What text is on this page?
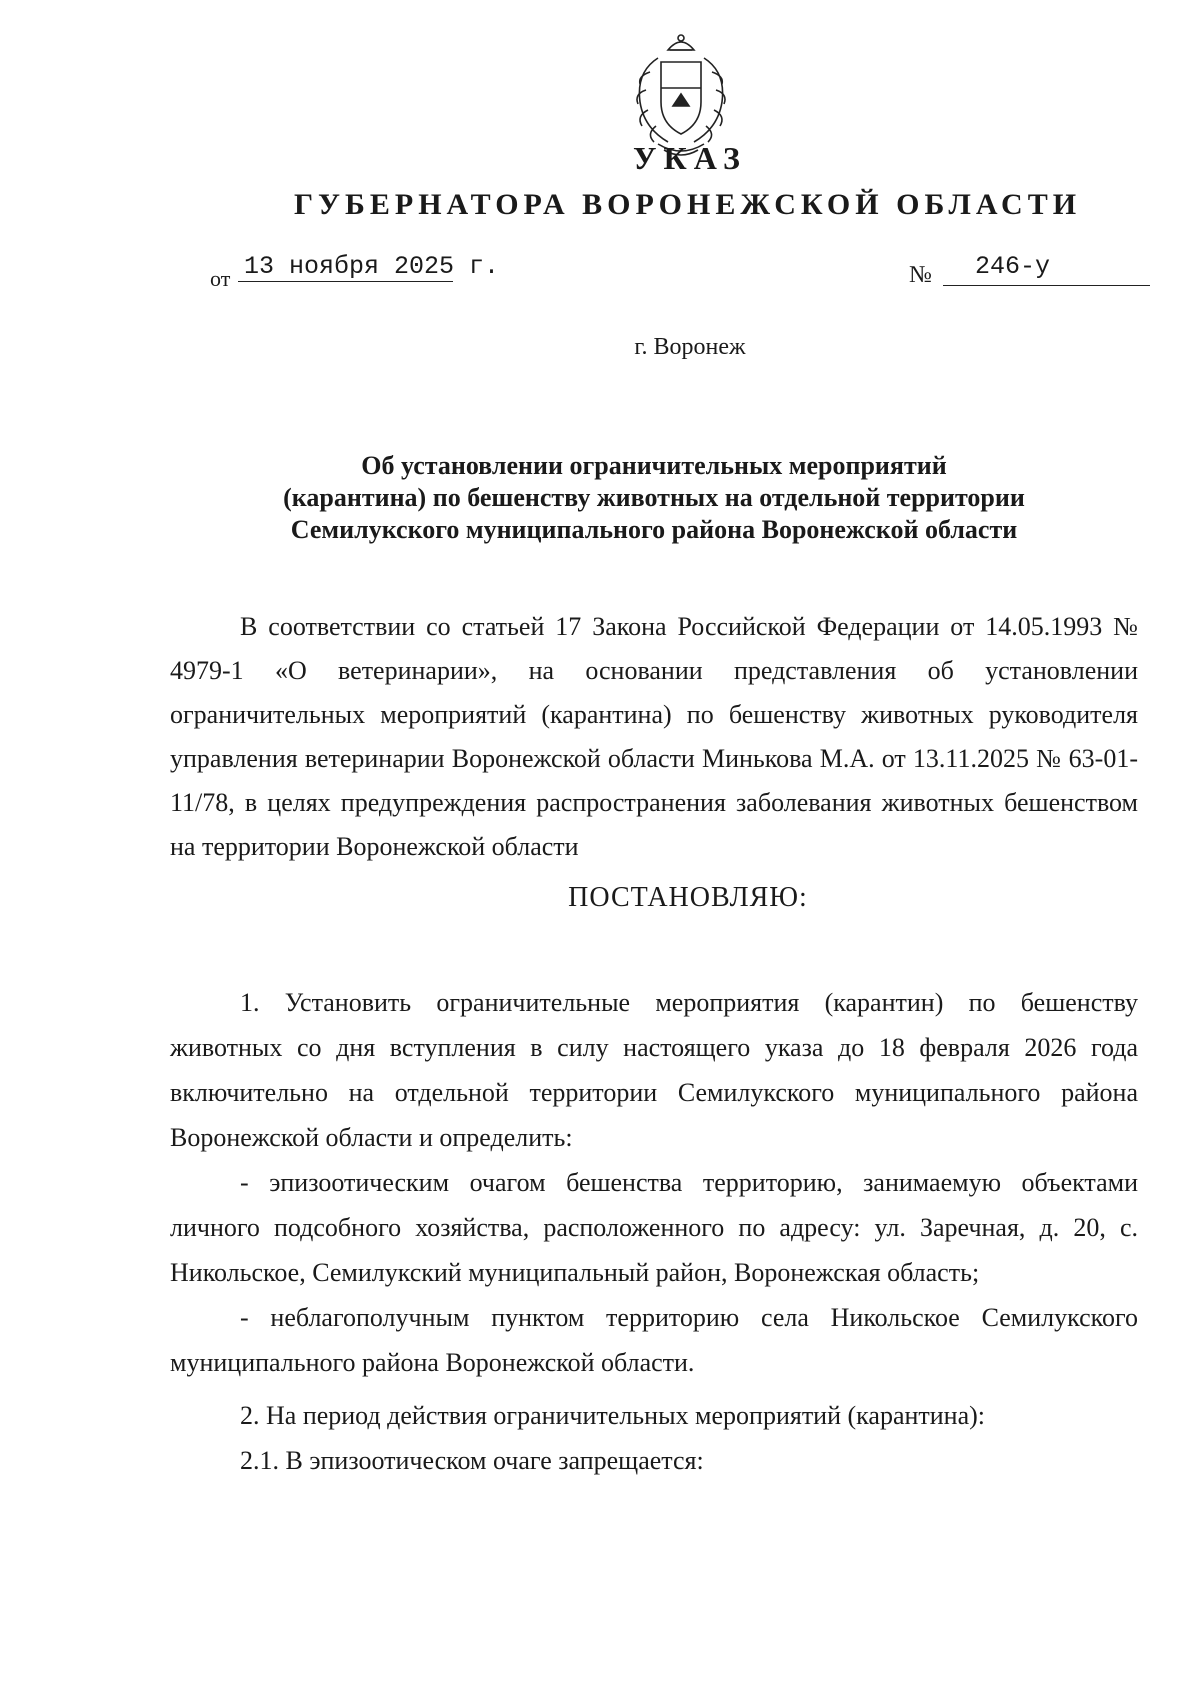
УКАЗ
ГУБЕРНАТОРА ВОРОНЕЖСКОЙ ОБЛАСТИ
от 13 ноября 2025 г.	№ 246-у
г. Воронеж
Об установлении ограничительных мероприятий
(карантина) по бешенству животных на отдельной территории
Семилукского муниципального района Воронежской области

В соответствии со статьей 17 Закона Российской Федерации от 14.05.1993 № 4979-1 «О ветеринарии», на основании представления об установлении ограничительных мероприятий (карантина) по бешенству животных руководителя управления ветеринарии Воронежской области Минькова М.А. от 13.11.2025 № 63-01-11/78, в целях предупреждения распространения заболевания животных бешенством на территории Воронежской области

ПОСТАНОВЛЯЮ:

1. Установить ограничительные мероприятия (карантин) по бешенству животных со дня вступления в силу настоящего указа до 18 февраля 2026 года включительно на отдельной территории Семилукского муниципального района Воронежской области и определить:

- эпизоотическим очагом бешенства территорию, занимаемую объектами личного подсобного хозяйства, расположенного по адресу: ул. Заречная, д. 20, с. Никольское, Семилукский муниципальный район, Воронежская область;

- неблагополучным пунктом территорию села Никольское Семилукского муниципального района Воронежской области.

2. На период действия ограничительных мероприятий (карантина):

2.1. В эпизоотическом очаге запрещается:
